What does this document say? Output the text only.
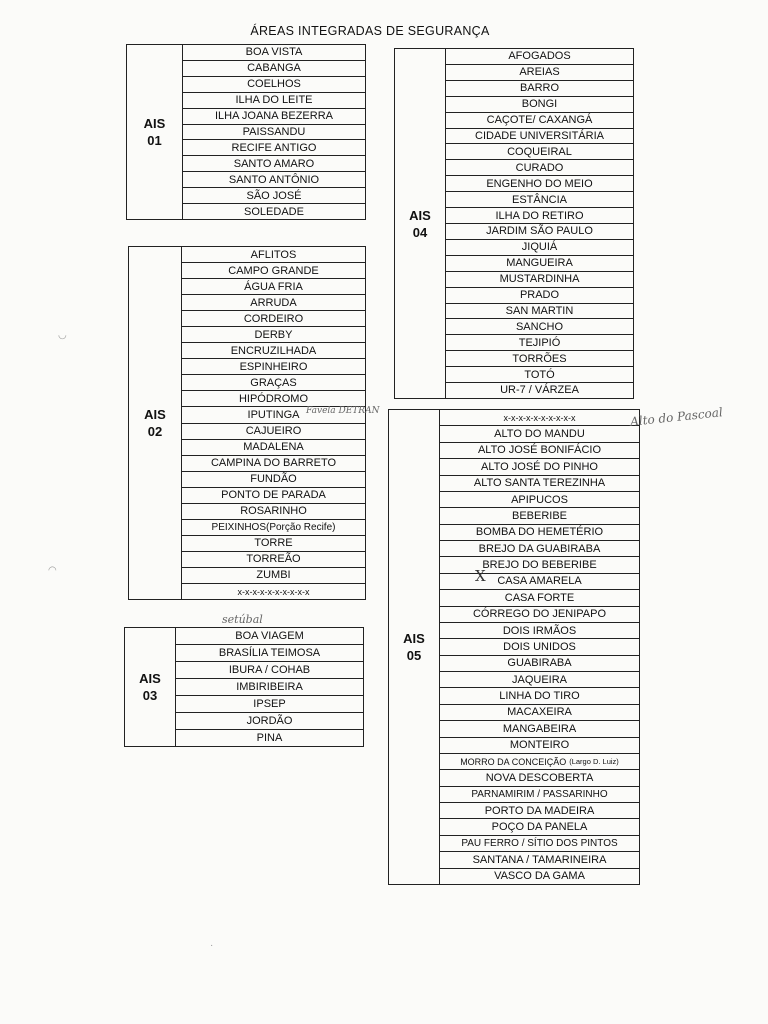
ÁREAS INTEGRADAS DE SEGURANÇA
AIS
01
BOA VISTA
CABANGA
COELHOS
ILHA DO LEITE
ILHA JOANA BEZERRA
PAISSANDU
RECIFE ANTIGO
SANTO AMARO
SANTO ANTÔNIO
SÃO JOSÉ
SOLEDADE
AIS
02
AFLITOS
CAMPO GRANDE
ÁGUA FRIA
ARRUDA
CORDEIRO
DERBY
ENCRUZILHADA
ESPINHEIRO
GRAÇAS
HIPÓDROMO
IPUTINGA
CAJUEIRO
MADALENA
CAMPINA DO BARRETO
FUNDÃO
PONTO DE PARADA
ROSARINHO
PEIXINHOS(Porção Recife)
TORRE
TORREÃO
ZUMBI
x-x-x-x-x-x-x-x-x-x
AIS
03
BOA VIAGEM
BRASÍLIA TEIMOSA
IBURA / COHAB
IMBIRIBEIRA
IPSEP
JORDÃO
PINA
AIS
04
AFOGADOS
AREIAS
BARRO
BONGI
CAÇOTE/ CAXANGÁ
CIDADE UNIVERSITÁRIA
COQUEIRAL
CURADO
ENGENHO DO MEIO
ESTÂNCIA
ILHA DO RETIRO
JARDIM SÃO PAULO
JIQUIÁ
MANGUEIRA
MUSTARDINHA
PRADO
SAN MARTIN
SANCHO
TEJIPIÓ
TORRÕES
TOTÓ
UR-7 / VÁRZEA
AIS
05
x-x-x-x-x-x-x-x-x-x
ALTO DO MANDU
ALTO JOSÉ BONIFÁCIO
ALTO JOSÉ DO PINHO
ALTO SANTA TEREZINHA
APIPUCOS
BEBERIBE
BOMBA DO HEMETÉRIO
BREJO DA GUABIRABA
BREJO DO BEBERIBE
CASA AMARELA
CASA FORTE
CÓRREGO DO JENIPAPO
DOIS IRMÃOS
DOIS UNIDOS
GUABIRABA
JAQUEIRA
LINHA DO TIRO
MACAXEIRA
MANGABEIRA
MONTEIRO
MORRO DA CONCEIÇÃO (Largo D. Luiz)
NOVA DESCOBERTA
PARNAMIRIM / PASSARINHO
PORTO DA MADEIRA
POÇO DA PANELA
PAU FERRO / SÍTIO DOS PINTOS
SANTANA / TAMARINEIRA
VASCO DA GAMA
Favela DETRAN	Alto do Pascoal
setúbal
X
◡
◠
·
